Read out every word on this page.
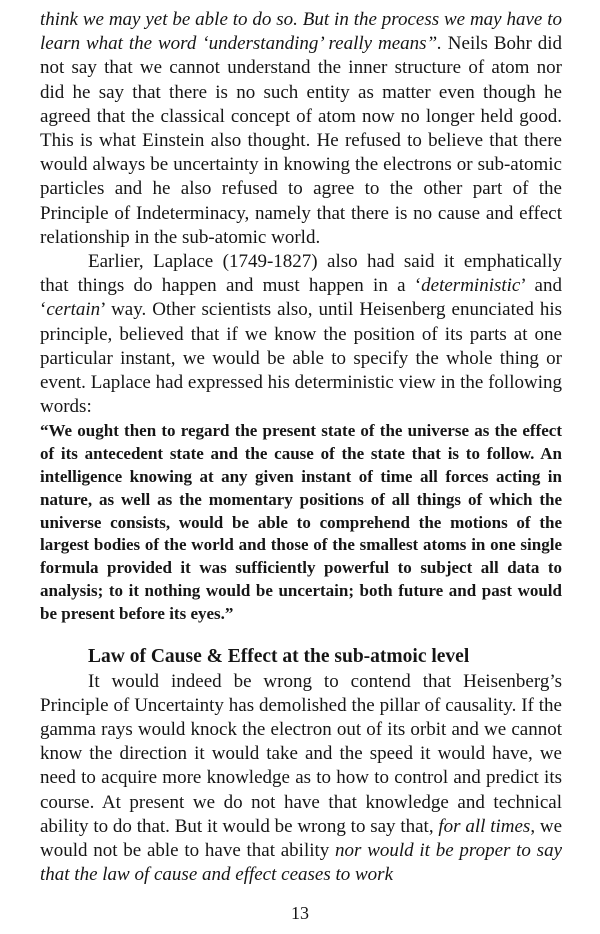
think we may yet be able to do so. But in the process we may have to learn what the word ‘understanding’ really means”. Neils Bohr did not say that we cannot understand the inner structure of atom nor did he say that there is no such entity as matter even though he agreed that the classical concept of atom now no longer held good. This is what Einstein also thought. He refused to believe that there would always be uncertainty in knowing the electrons or sub-atomic particles and he also refused to agree to the other part of the Principle of Indeterminacy, namely that there is no cause and effect relationship in the sub-atomic world.

Earlier, Laplace (1749-1827) also had said it emphatically that things do happen and must happen in a ‘deterministic’ and ‘certain’ way. Other scientists also, until Heisenberg enunciated his principle, believed that if we know the position of its parts at one particular instant, we would be able to specify the whole thing or event. Laplace had expressed his deterministic view in the following words:

“We ought then to regard the present state of the universe as the effect of its antecedent state and the cause of the state that is to follow. An intelligence knowing at any given instant of time all forces acting in nature, as well as the momentary positions of all things of which the universe consists, would be able to comprehend the motions of the largest bodies of the world and those of the smallest atoms in one single formula provided it was sufficiently powerful to subject all data to analysis; to it nothing would be uncertain; both future and past would be present before its eyes.”

Law of Cause & Effect at the sub-atmoic level

It would indeed be wrong to contend that Heisenberg’s Principle of Uncertainty has demolished the pillar of causality. If the gamma rays would knock the electron out of its orbit and we cannot know the direction it would take and the speed it would have, we need to acquire more knowledge as to how to control and predict its course. At present we do not have that knowledge and technical ability to do that. But it would be wrong to say that, for all times, we would not be able to have that ability nor would it be proper to say that the law of cause and effect ceases to work

13
